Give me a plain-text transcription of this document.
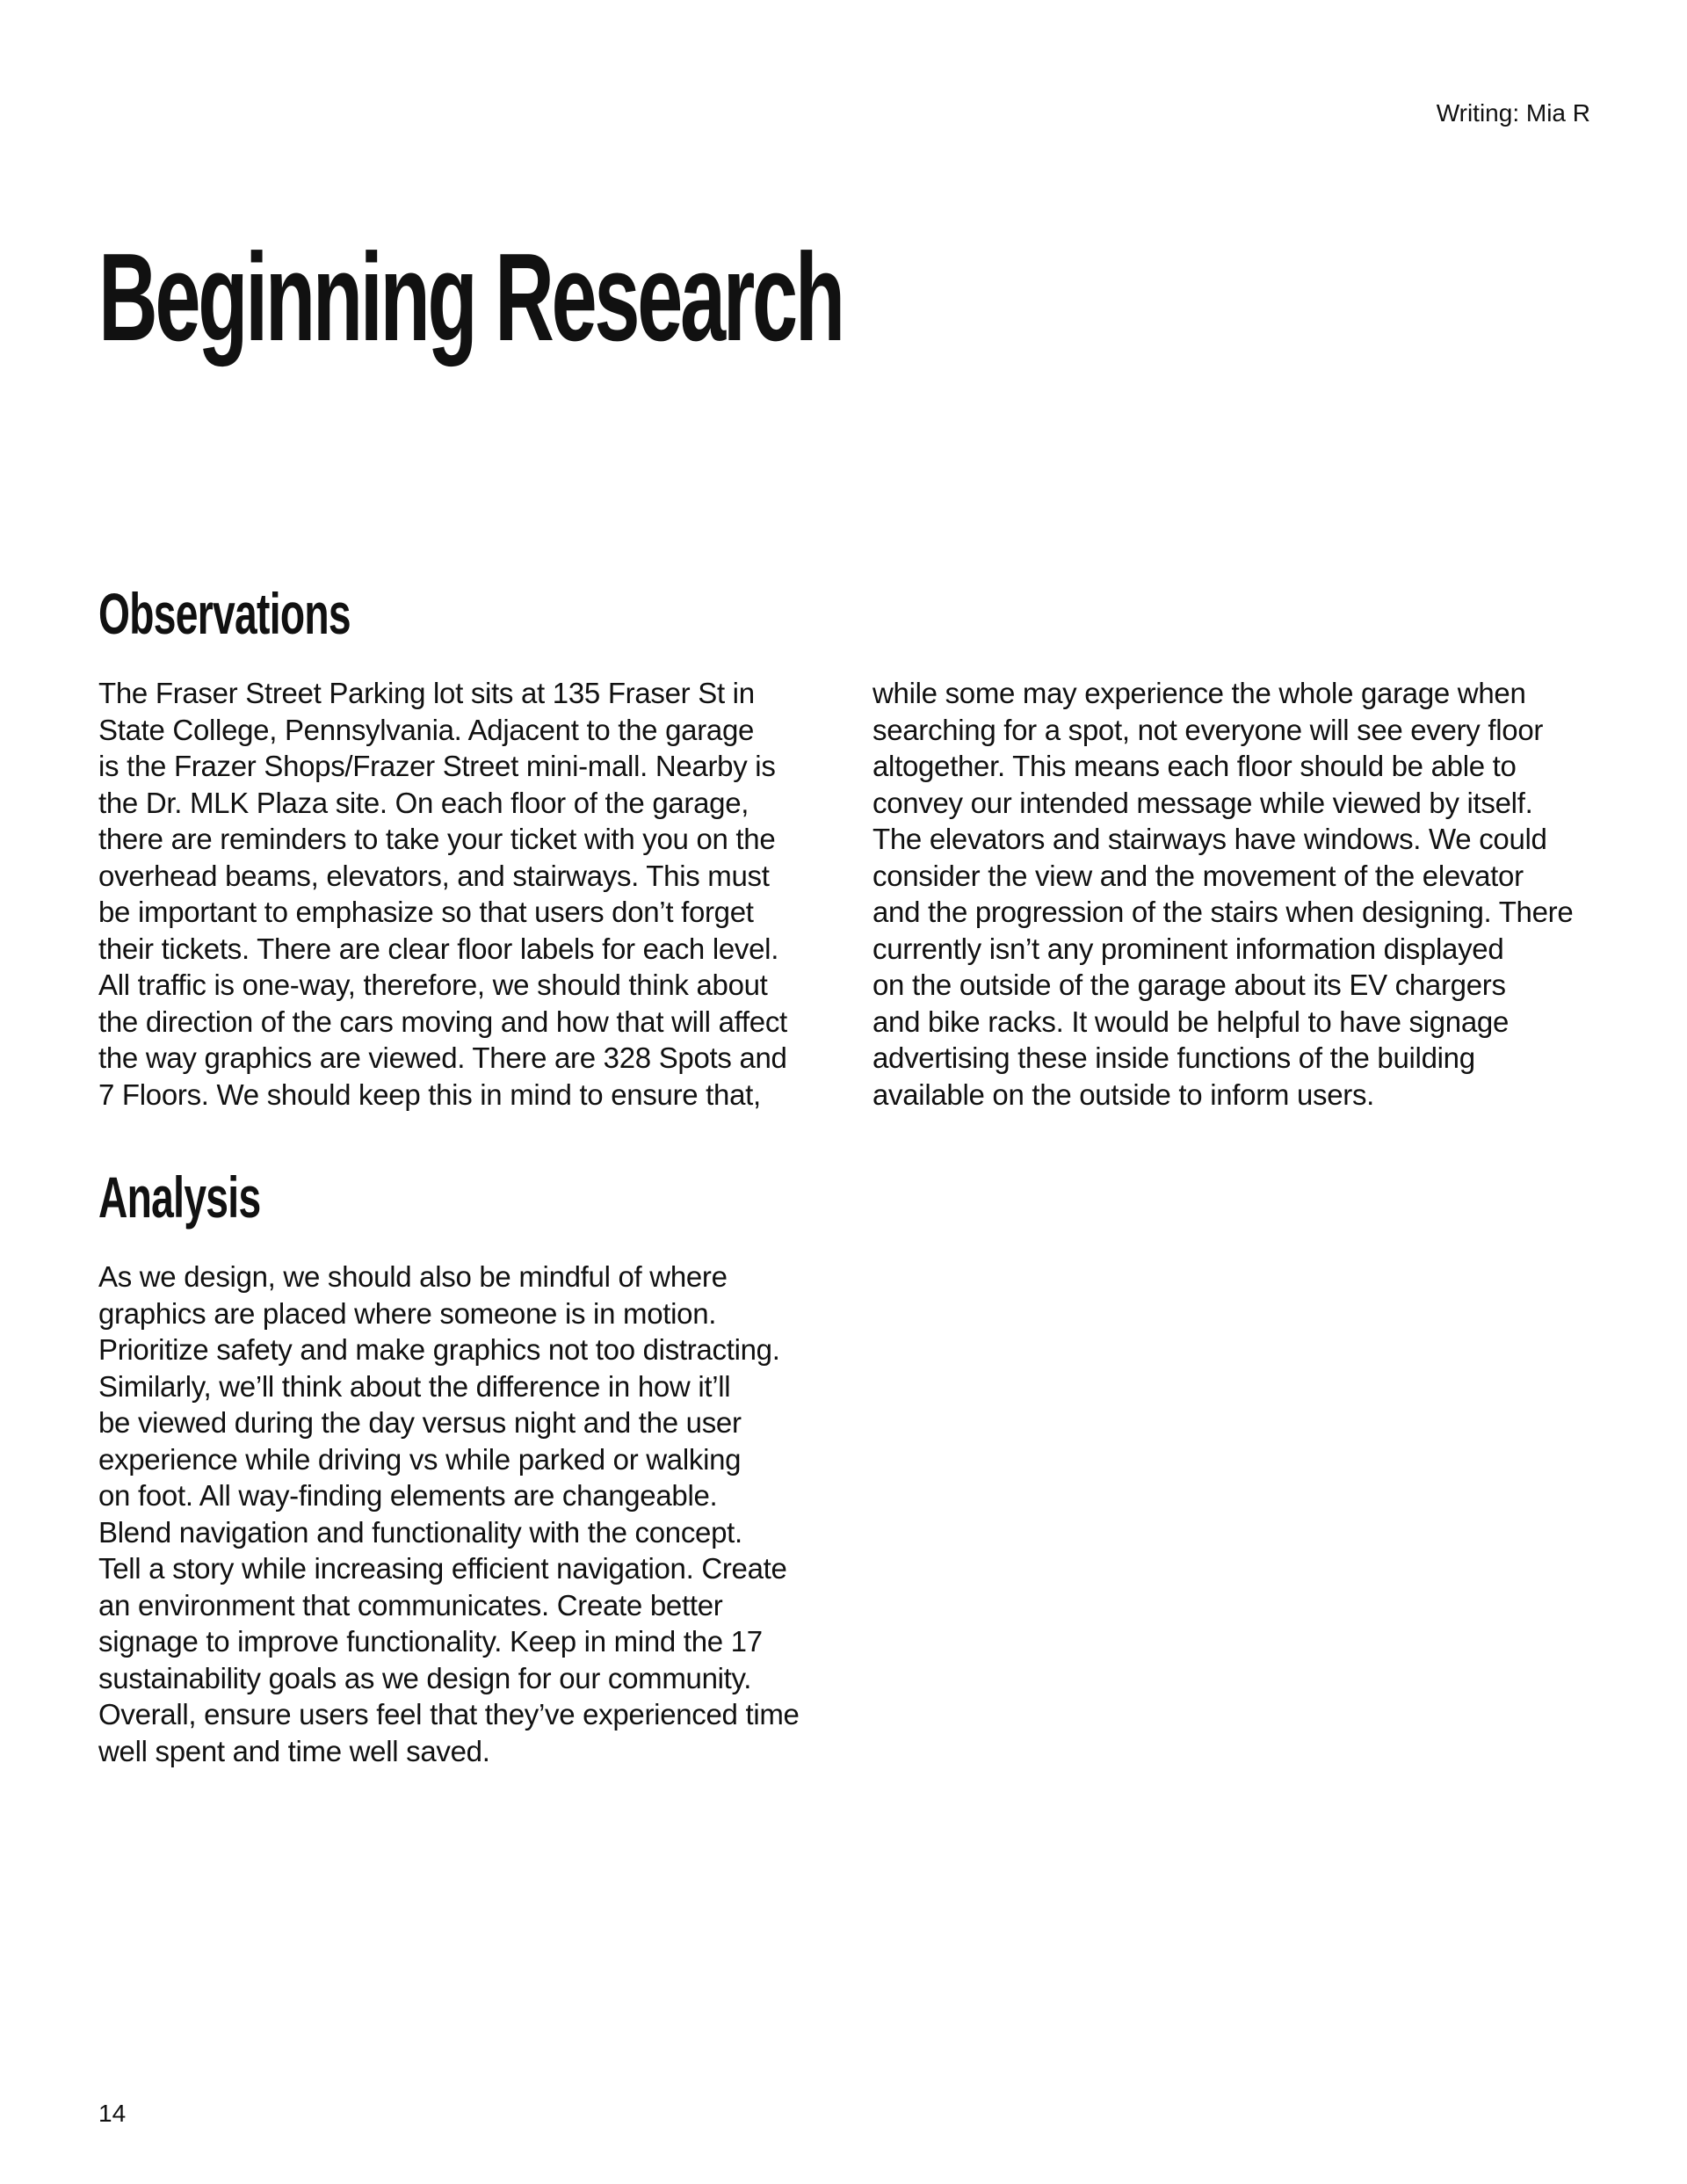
Writing: Mia R
Beginning Research
Observations
The Fraser Street Parking lot sits at 135 Fraser St in
State College, Pennsylvania. Adjacent to the garage
is the Frazer Shops/Frazer Street mini-mall. Nearby is
the Dr. MLK Plaza site. On each floor of the garage,
there are reminders to take your ticket with you on the
overhead beams, elevators, and stairways. This must
be important to emphasize so that users don’t forget
their tickets. There are clear floor labels for each level.
All traffic is one-way, therefore, we should think about
the direction of the cars moving and how that will affect
the way graphics are viewed. There are 328 Spots and
7 Floors. We should keep this in mind to ensure that,
while some may experience the whole garage when
searching for a spot, not everyone will see every floor
altogether. This means each floor should be able to
convey our intended message while viewed by itself.
The elevators and stairways have windows. We could
consider the view and the movement of the elevator
and the progression of the stairs when designing. There
currently isn’t any prominent information displayed
on the outside of the garage about its EV chargers
and bike racks. It would be helpful to have signage
advertising these inside functions of the building
available on the outside to inform users.
Analysis
As we design, we should also be mindful of where
graphics are placed where someone is in motion.
Prioritize safety and make graphics not too distracting.
Similarly, we’ll think about the difference in how it’ll
be viewed during the day versus night and the user
experience while driving vs while parked or walking
on foot. All way-finding elements are changeable.
Blend navigation and functionality with the concept.
Tell a story while increasing efficient navigation. Create
an environment that communicates. Create better
signage to improve functionality. Keep in mind the 17
sustainability goals as we design for our community.
Overall, ensure users feel that they’ve experienced time
well spent and time well saved.
14
